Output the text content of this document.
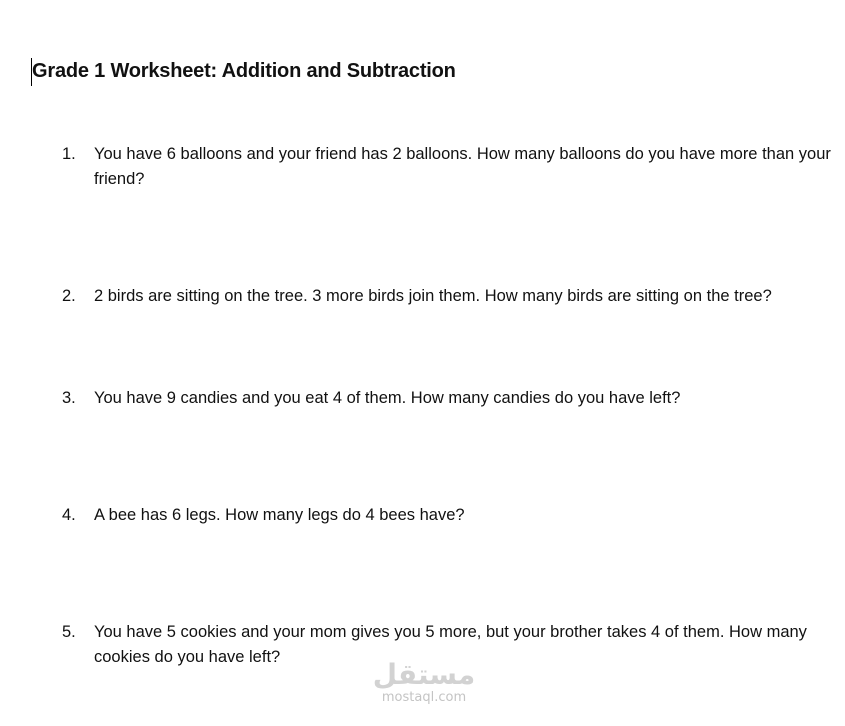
Grade 1 Worksheet: Addition and Subtraction
1. You have 6 balloons and your friend has 2 balloons. How many balloons do you have more than your friend?
2. 2 birds are sitting on the tree. 3 more birds join them. How many birds are sitting on the tree?
3. You have 9 candies and you eat 4 of them. How many candies do you have left?
4. A bee has 6 legs. How many legs do 4 bees have?
5. You have 5 cookies and your mom gives you 5 more, but your brother takes 4 of them. How many cookies do you have left?
مستقل
mostaql.com
